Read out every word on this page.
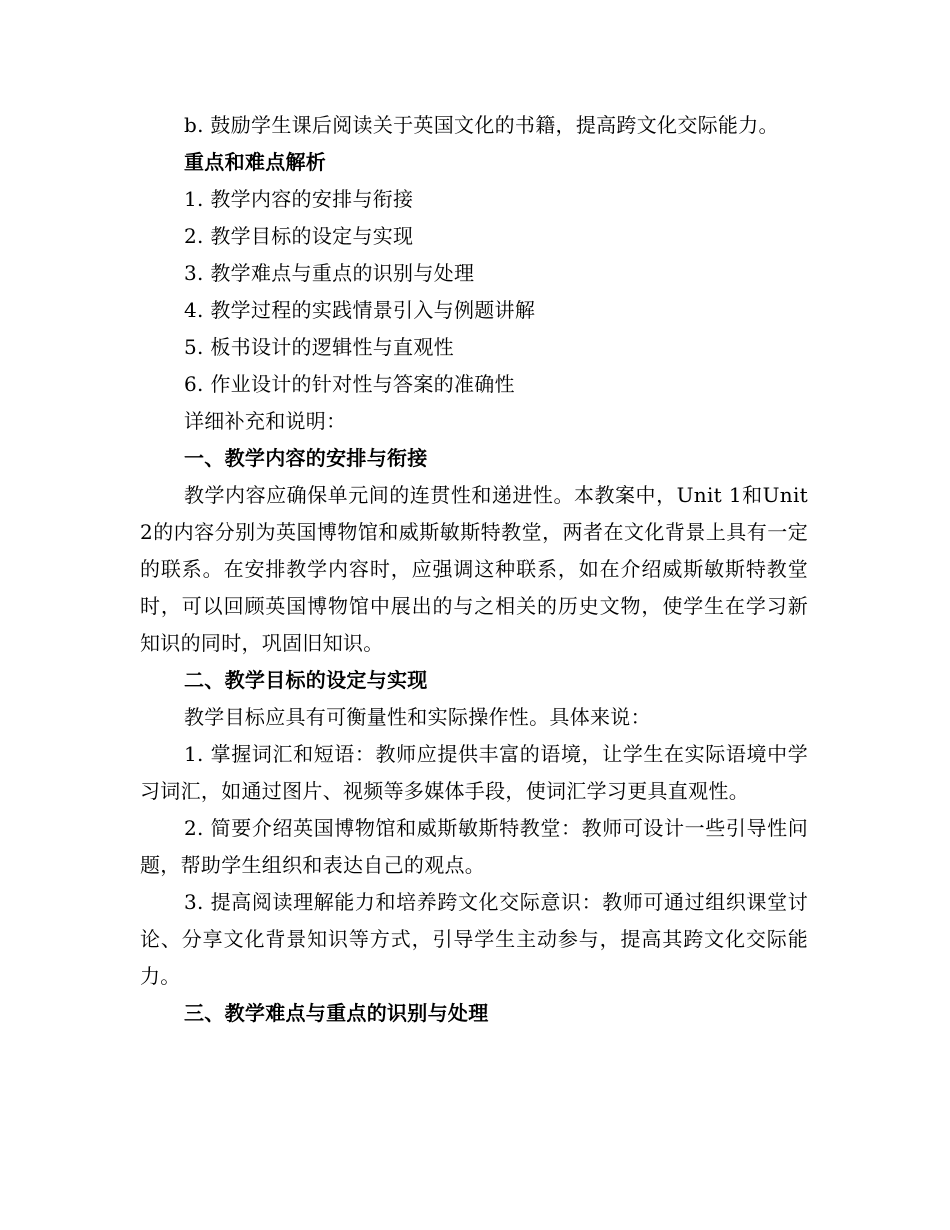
b. 鼓励学生课后阅读关于英国文化的书籍，提高跨文化交际能力。

重点和难点解析

1. 教学内容的安排与衔接

2. 教学目标的设定与实现

3. 教学难点与重点的识别与处理

4. 教学过程的实践情景引入与例题讲解

5. 板书设计的逻辑性与直观性

6. 作业设计的针对性与答案的准确性

详细补充和说明：

一、教学内容的安排与衔接

教学内容应确保单元间的连贯性和递进性。本教案中，Unit 1和Unit 2的内容分别为英国博物馆和威斯敏斯特教堂，两者在文化背景上具有一定的联系。在安排教学内容时，应强调这种联系，如在介绍威斯敏斯特教堂时，可以回顾英国博物馆中展出的与之相关的历史文物，使学生在学习新知识的同时，巩固旧知识。

二、教学目标的设定与实现

教学目标应具有可衡量性和实际操作性。具体来说：

1. 掌握词汇和短语：教师应提供丰富的语境，让学生在实际语境中学习词汇，如通过图片、视频等多媒体手段，使词汇学习更具直观性。

2. 简要介绍英国博物馆和威斯敏斯特教堂：教师可设计一些引导性问题，帮助学生组织和表达自己的观点。

3. 提高阅读理解能力和培养跨文化交际意识：教师可通过组织课堂讨论、分享文化背景知识等方式，引导学生主动参与，提高其跨文化交际能力。

三、教学难点与重点的识别与处理
